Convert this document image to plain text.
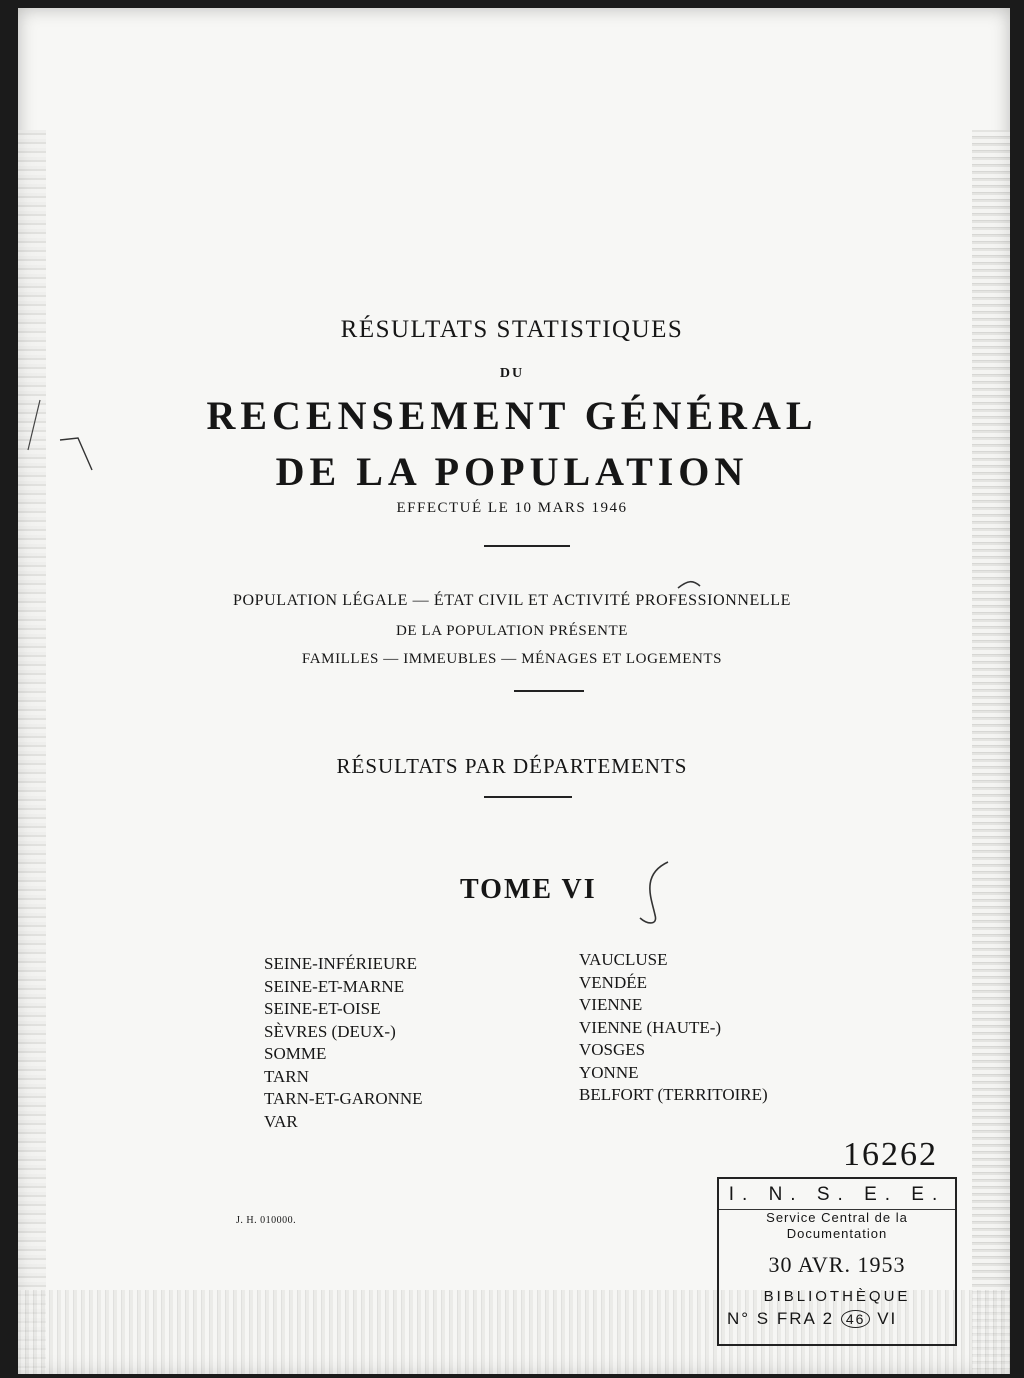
RÉSULTATS STATISTIQUES
DU
RECENSEMENT GÉNÉRAL
DE LA POPULATION
EFFECTUÉ LE 10 MARS 1946
POPULATION LÉGALE — ÉTAT CIVIL ET ACTIVITÉ PROFESSIONNELLE
DE LA POPULATION PRÉSENTE
FAMILLES — IMMEUBLES — MÉNAGES ET LOGEMENTS
RÉSULTATS PAR DÉPARTEMENTS
TOME VI
SEINE-INFÉRIEURE
SEINE-ET-MARNE
SEINE-ET-OISE
SÈVRES (DEUX-)
SOMME
TARN
TARN-ET-GARONNE
VAR
VAUCLUSE
VENDÉE
VIENNE
VIENNE (HAUTE-)
VOSGES
YONNE
BELFORT (TERRITOIRE)
J. H. 010000.
16262
I. N. S. E. E.
Service Central de la
Documentation
30 AVR. 1953
BIBLIOTHÈQUE
N° S FRA 2 46 VI
